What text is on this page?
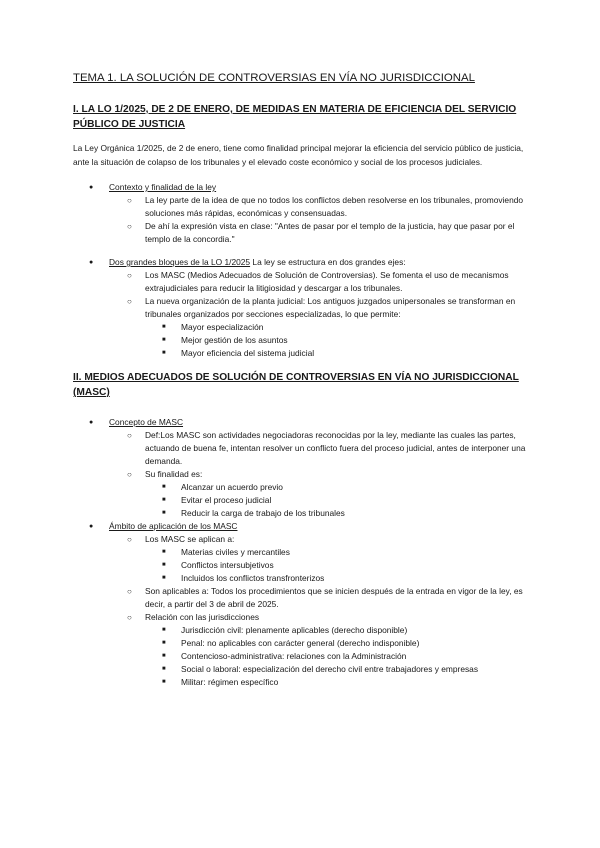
TEMA 1. LA SOLUCIÓN DE CONTROVERSIAS EN VÍA NO JURISDICCIONAL
I. LA LO 1/2025, DE 2 DE ENERO, DE MEDIDAS EN MATERIA DE EFICIENCIA DEL SERVICIO PÚBLICO DE JUSTICIA

La Ley Orgánica 1/2025, de 2 de enero, tiene como finalidad principal mejorar la eficiencia del servicio público de justicia, ante la situación de colapso de los tribunales y el elevado coste económico y social de los procesos judiciales.

● Contexto y finalidad de la ley
○ La ley parte de la idea de que no todos los conflictos deben resolverse en los tribunales, promoviendo soluciones más rápidas, económicas y consensuadas.
○ De ahí la expresión vista en clase: "Antes de pasar por el templo de la justicia, hay que pasar por el templo de la concordia."
● Dos grandes bloques de la LO 1/2025 La ley se estructura en dos grandes ejes:
○ Los MASC (Medios Adecuados de Solución de Controversias). Se fomenta el uso de mecanismos extrajudiciales para reducir la litigiosidad y descargar a los tribunales.
○ La nueva organización de la planta judicial: Los antiguos juzgados unipersonales se transforman en tribunales organizados por secciones especializadas, lo que permite:
■ Mayor especialización
■ Mejor gestión de los asuntos
■ Mayor eficiencia del sistema judicial
II. MEDIOS ADECUADOS DE SOLUCIÓN DE CONTROVERSIAS EN VÍA NO JURISDICCIONAL (MASC)
● Concepto de MASC
○ Def:Los MASC son actividades negociadoras reconocidas por la ley, mediante las cuales las partes, actuando de buena fe, intentan resolver un conflicto fuera del proceso judicial, antes de interponer una demanda.
○ Su finalidad es:
■ Alcanzar un acuerdo previo
■ Evitar el proceso judicial
■ Reducir la carga de trabajo de los tribunales
● Ámbito de aplicación de los MASC
○ Los MASC se aplican a:
■ Materias civiles y mercantiles
■ Conflictos intersubjetivos
■ Incluidos los conflictos transfronterizos
○ Son aplicables a: Todos los procedimientos que se inicien después de la entrada en vigor de la ley, es decir, a partir del 3 de abril de 2025.
○ Relación con las jurisdicciones
■ Jurisdicción civil: plenamente aplicables (derecho disponible)
■ Penal: no aplicables con carácter general (derecho indisponible)
■ Contencioso-administrativa: relaciones con la Administración
■ Social o laboral: especialización del derecho civil entre trabajadores y empresas
■ Militar: régimen específico
